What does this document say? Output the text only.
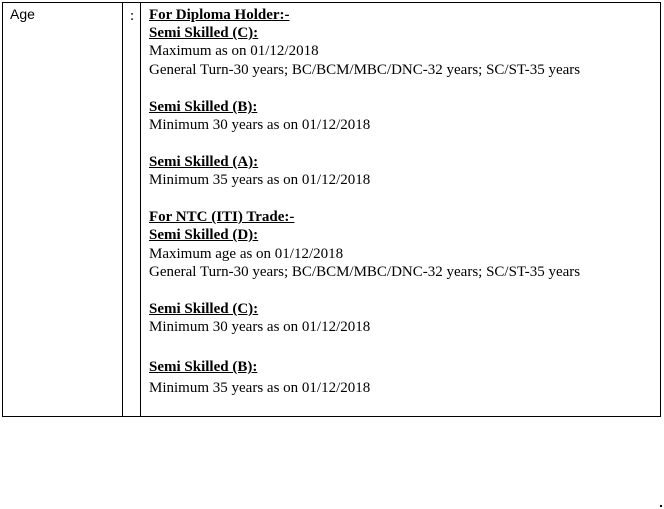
Age	: For Diploma Holder:-
Semi Skilled (C):
Maximum as on 01/12/2018
General Turn-30 years; BC/BCM/MBC/DNC-32 years; SC/ST-35 years
Semi Skilled (B):
Minimum 30 years as on 01/12/2018
Semi Skilled (A):
Minimum 35 years as on 01/12/2018
For NTC (ITI) Trade:-
Semi Skilled (D):
Maximum age as on 01/12/2018
General Turn-30 years; BC/BCM/MBC/DNC-32 years; SC/ST-35 years
Semi Skilled (C):
Minimum 30 years as on 01/12/2018
Semi Skilled (B):
Minimum 35 years as on 01/12/2018
